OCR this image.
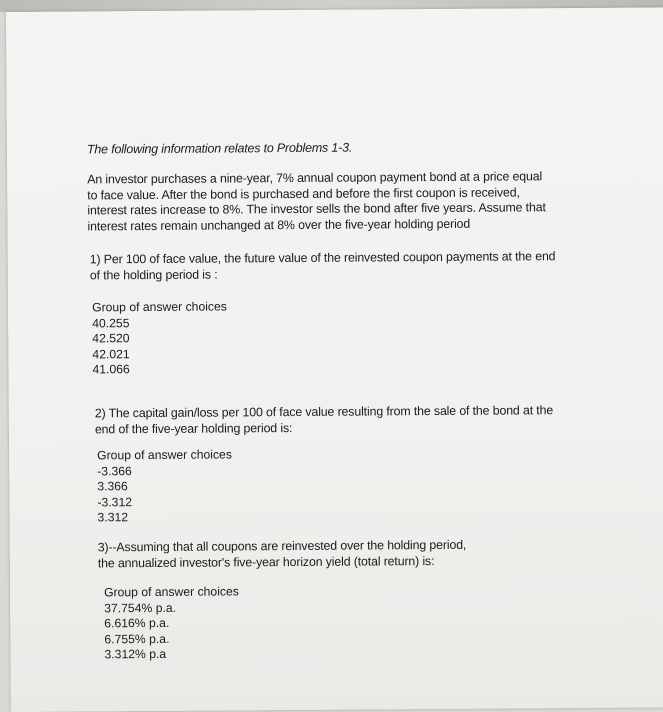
The following information relates to Problems 1-3.

An investor purchases a nine-year, 7% annual coupon payment bond at a price equal
to face value. After the bond is purchased and before the first coupon is received,
interest rates increase to 8%. The investor sells the bond after five years. Assume that
interest rates remain unchanged at 8% over the five-year holding period

1) Per 100 of face value, the future value of the reinvested coupon payments at the end
of the holding period is :

Group of answer choices
40.255
42.520
42.021
41.066

2) The capital gain/loss per 100 of face value resulting from the sale of the bond at the
end of the five-year holding period is:

Group of answer choices
-3.366
3.366
-3.312
3.312

3)--Assuming that all coupons are reinvested over the holding period,
the annualized investor's five-year horizon yield (total return) is:

Group of answer choices
37.754% p.a.
6.616% p.a.
6.755% p.a.
3.312% p.a
